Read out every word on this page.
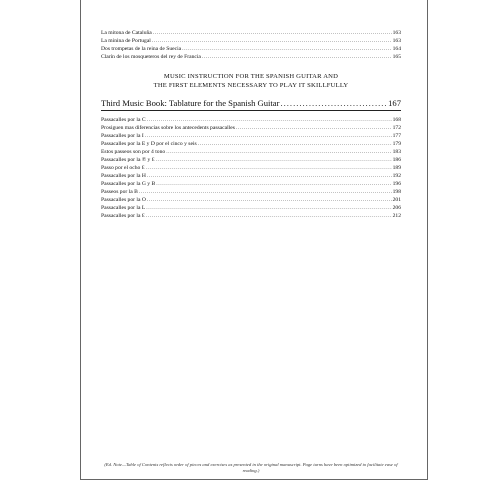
La mitona de Cataluña .....	163
La minina de Portugal .....	163
Dos trompetas de la reina de Suecia .....	164
Clarín de los mosqueteros del rey de Francia .....	165
MUSIC INSTRUCTION FOR THE SPANISH GUITAR AND
THE FIRST ELEMENTS NECESSARY TO PLAY IT SKILLFULLY
Third Music Book: Tablature for the Spanish Guitar .....	167
Passacalles por la C .....	168
Prosiguen mas diferencias sobre los antecedents passacalles .....	172
Passacalles por la I .....	177
Passacalles por la E y D por el cinco y seis .....	179
Estos passeos son por 4 tono .....	183
Passacalles por la ℗ y Ɛ .....	186
Passo por el ocho Ɛ .....	189
Passacalles por la H .....	192
Passacalles por la G y B .....	196
Passeos por la B .....	198
Passacalles por la O .....	201
Passacalles por la L .....	206
Passacalles por la Ɛ .....	212
(Ed. Note—Table of Contents reflects order of pieces and exercises as presented in the original manuscript. Page turns have been optimized to facilitate ease of reading.)
